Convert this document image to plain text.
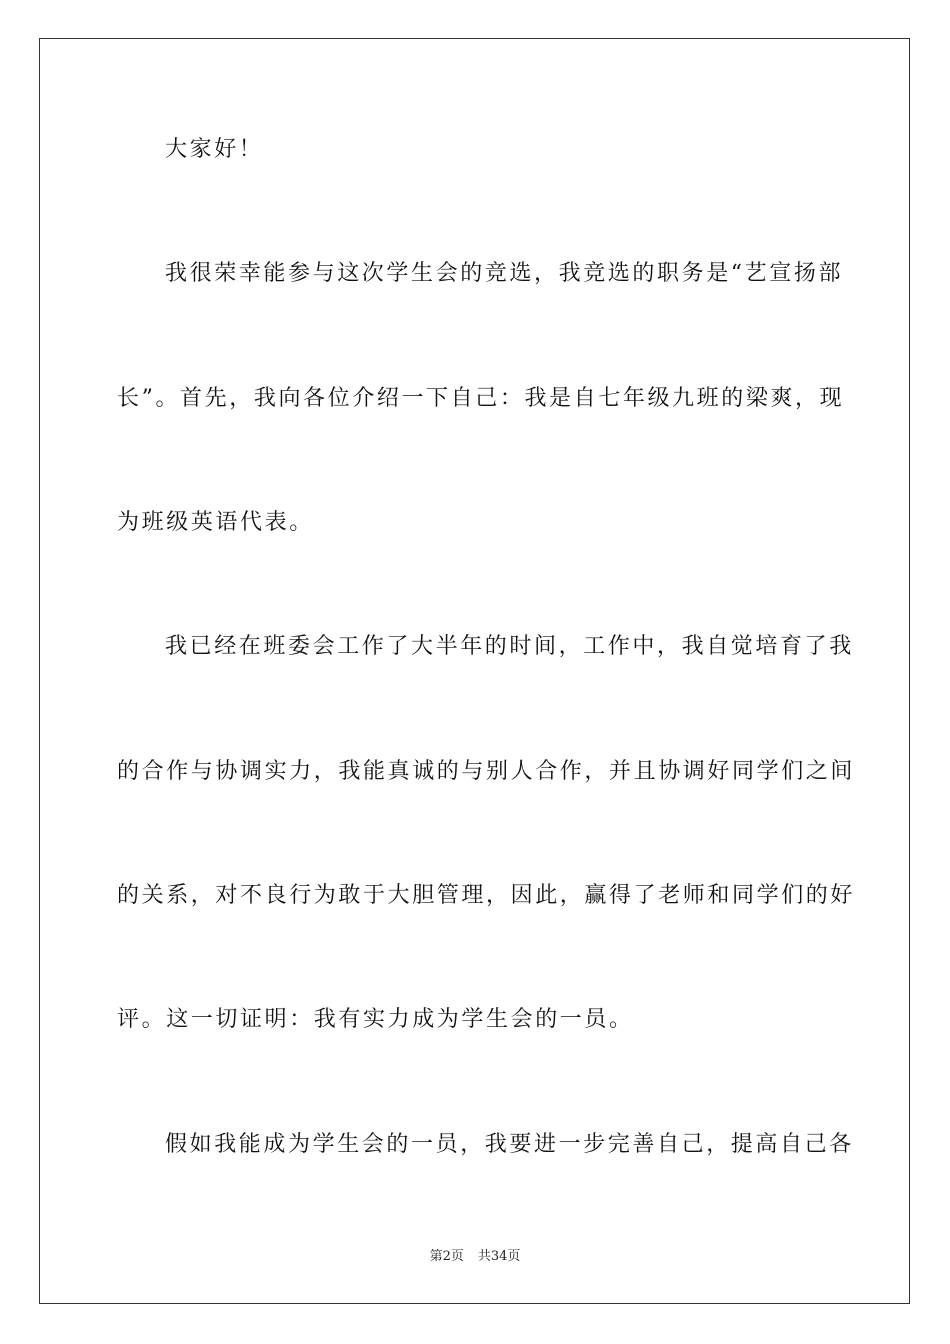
大家好！
我很荣幸能参与这次学生会的竞选，我竞选的职务是“艺宣扬部
长”。首先，我向各位介绍一下自己：我是自七年级九班的梁爽，现
为班级英语代表。
我已经在班委会工作了大半年的时间，工作中，我自觉培育了我
的合作与协调实力，我能真诚的与别人合作，并且协调好同学们之间
的关系，对不良行为敢于大胆管理，因此，赢得了老师和同学们的好
评。这一切证明：我有实力成为学生会的一员。
假如我能成为学生会的一员，我要进一步完善自己，提高自己各
第2页 共34页
